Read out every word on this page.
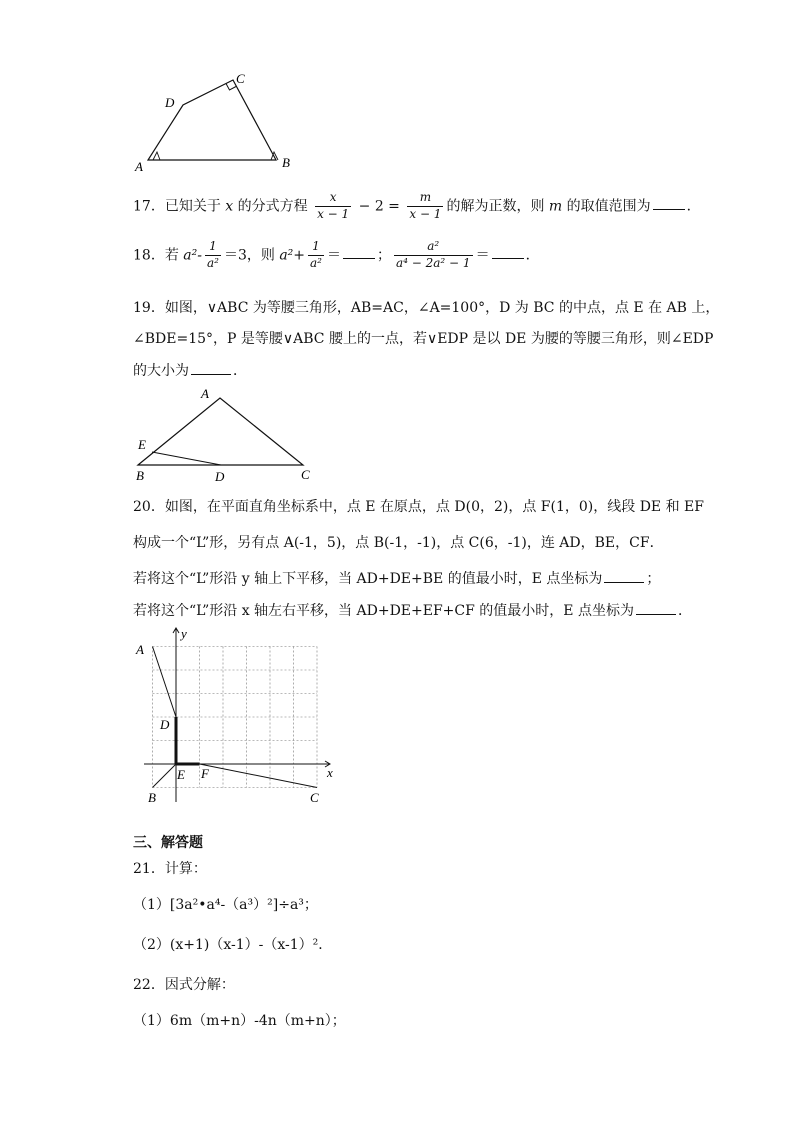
A	B
C
D
17．已知关于 x 的分式方程 $\frac{x}{x - 1} - 2 = \frac{m}{x - 1}$ 的解为正数，则 m 的取值范围为	．
18．若 $a^2- \frac{1}{\text{a²}} =3$，则 $a^2+ \frac{1}{\text{a²}}$ ＝	； $\frac{\text{a²}}{\text{a⁴ − 2a² − 1}}$ ＝	．
19．如图，∨ABC 为等腰三角形，AB=AC，∠A=100°，D 为 BC 的中点，点 E 在 AB 上，
∠BDE=15°，P 是等腰∨ABC 腰上的一点，若∨EDP 是以 DE 为腰的等腰三角形，则∠EDP
的大小为	．
A
B	C
D
E
20．如图，在平面直角坐标系中，点 E 在原点，点 D(0，2)，点 F(1，0)，线段 DE 和 EF
构成一个“L”形，另有点 A(-1，5)，点 B(-1，-1)，点 C(6，-1)，连 AD，BE，CF．
若将这个“L”形沿 y 轴上下平移，当 AD+DE+BE 的值最小时，E 点坐标为	；
若将这个“L”形沿 x 轴左右平移，当 AD+DE+EF+CF 的值最小时，E 点坐标为	．
A
B	C
D
E F	x
y
三、解答题
21．计算：
（1）[3a²•a⁴-（a³）²]÷a³；
（2）(x+1)（x-1）-（x-1）²．
22．因式分解：
（1）6m（m+n）-4n（m+n）；
